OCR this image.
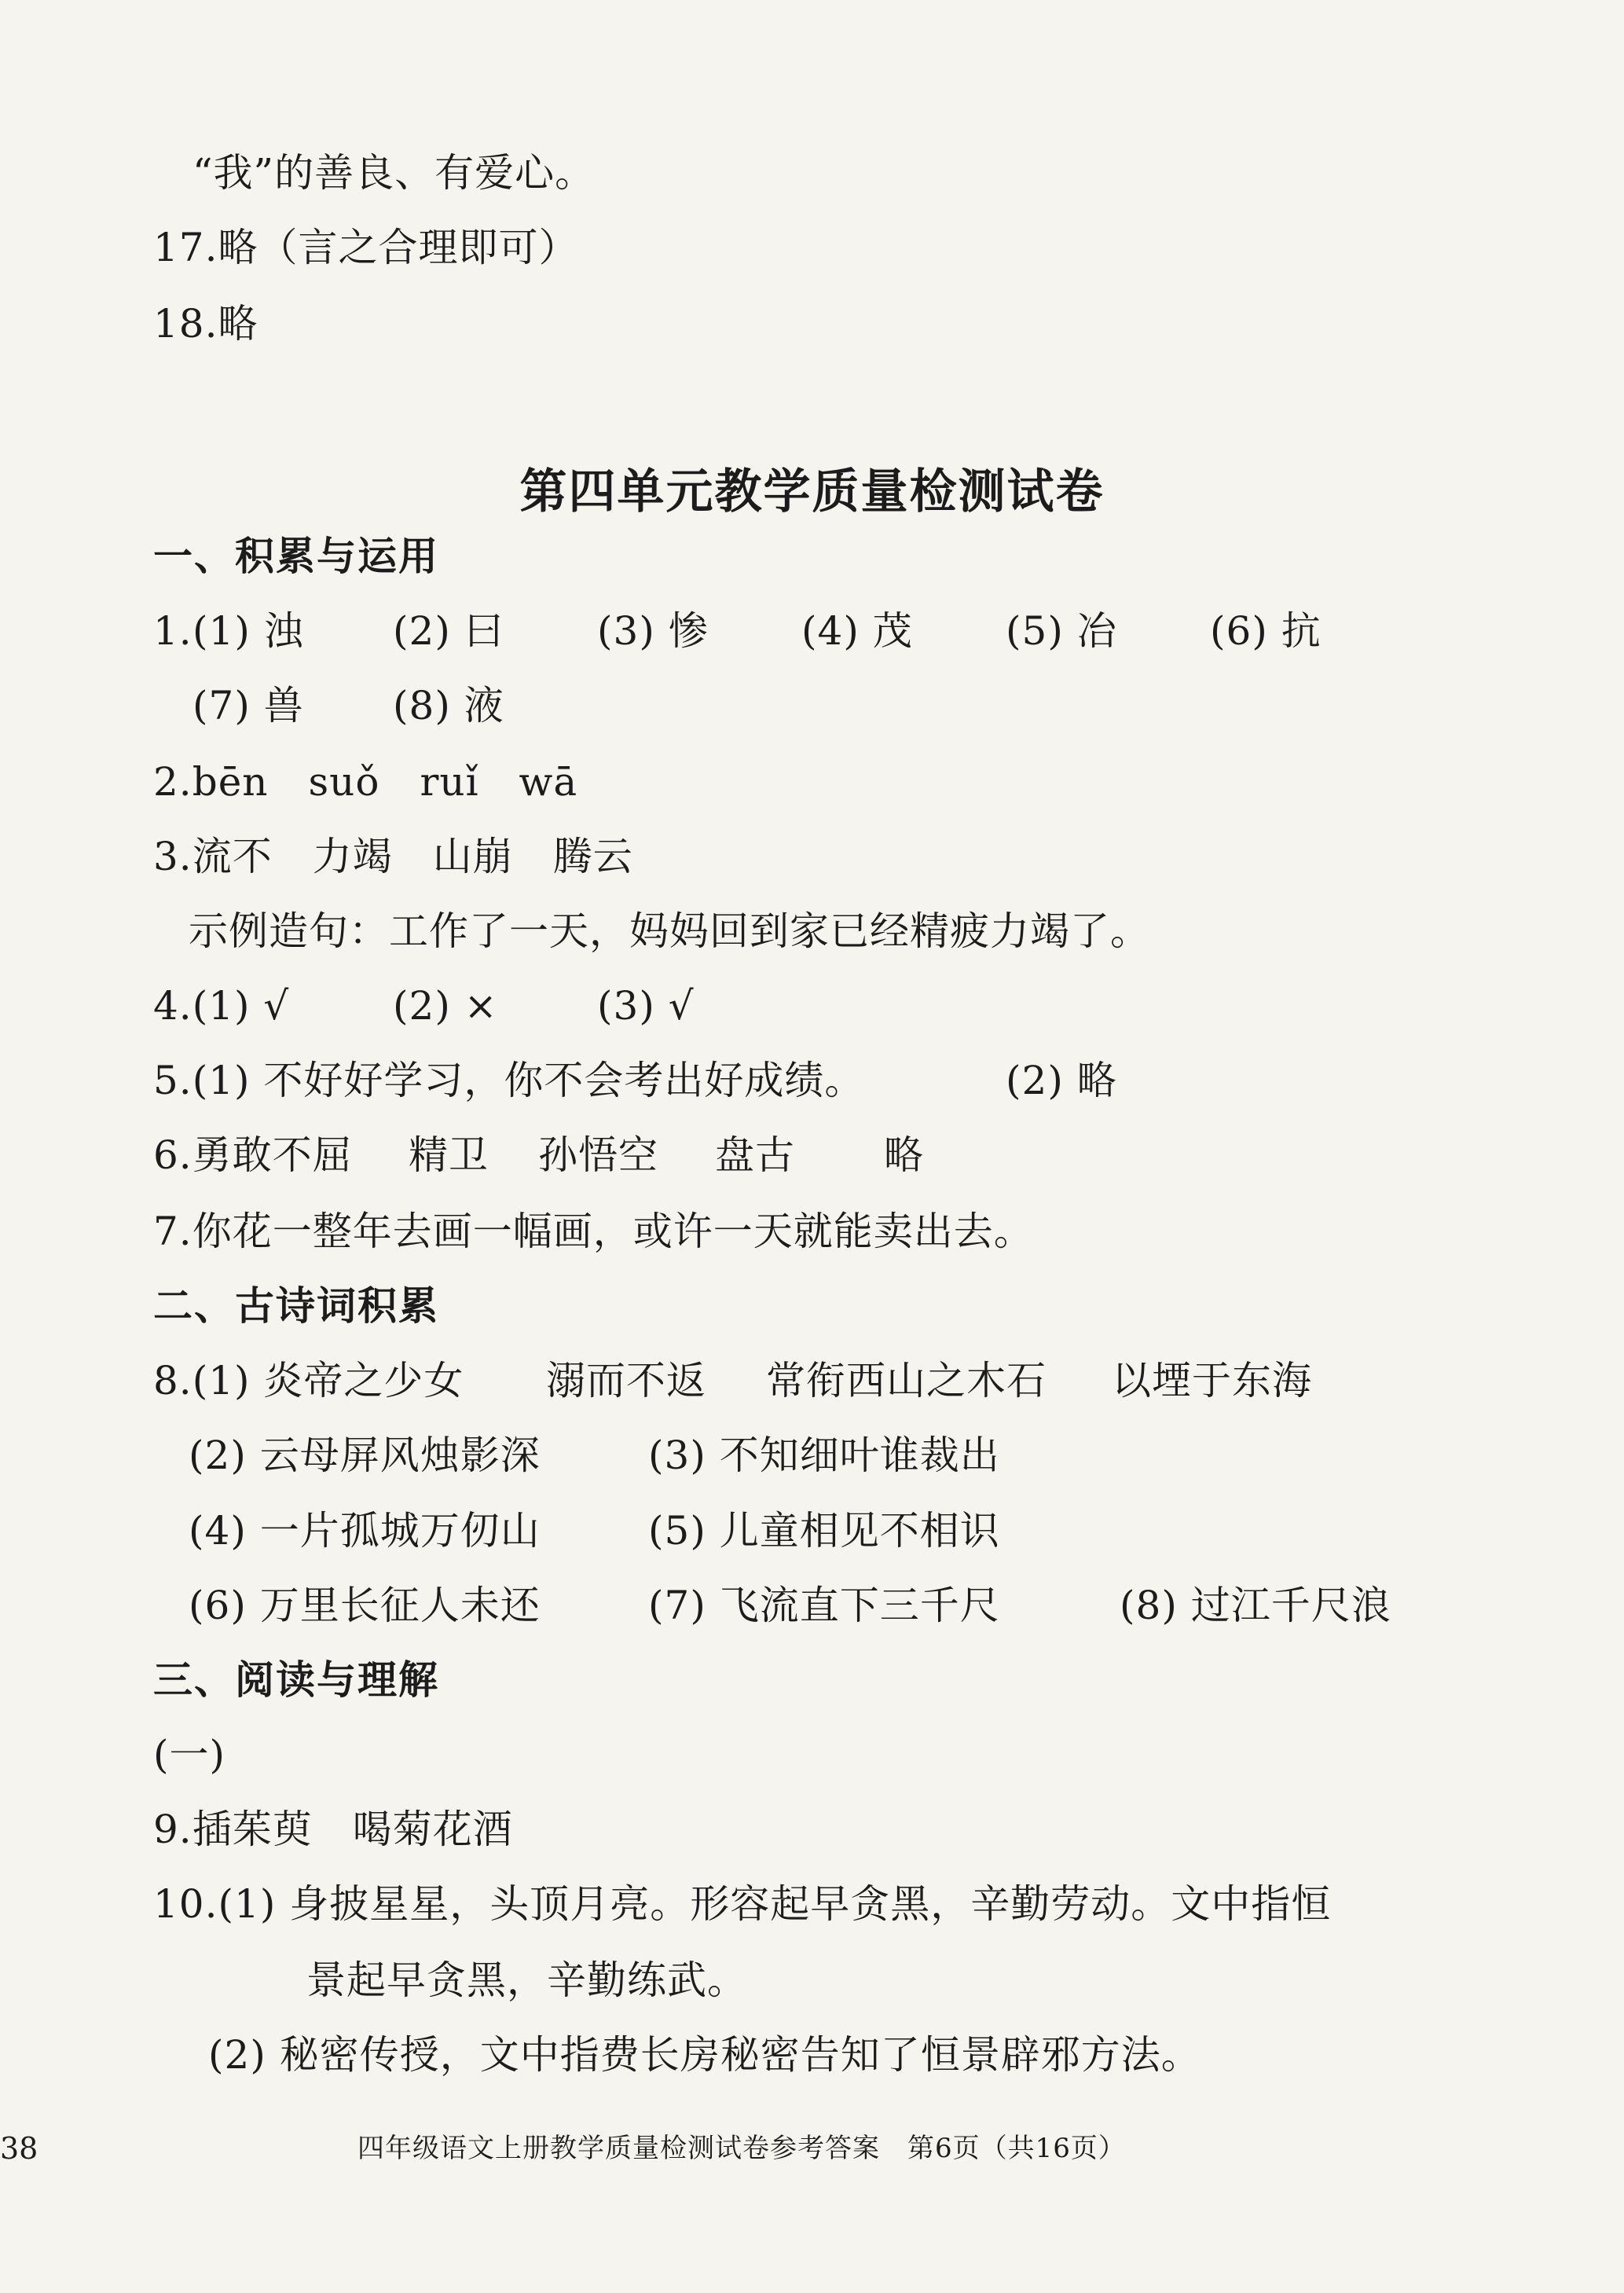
“我”的善良、有爱心。
17.略（言之合理即可）
18.略
第四单元教学质量检测试卷
一、积累与运用
1. (1) 浊 (2) 曰 (3) 惨 (4) 茂 (5) 冶 (6) 抗
(7) 兽 (8) 液
2.bēn　suǒ　ruǐ　wā
3.流不　力竭　山崩　腾云
示例造句：工作了一天，妈妈回到家已经精疲力竭了。
4.(1) √	(2) ×	(3) √
5.(1) 不好好学习，你不会考出好成绩。	(2) 略
6.勇敢不屈 精卫 孙悟空 盘古 略
7.你花一整年去画一幅画，或许一天就能卖出去。
二、古诗词积累
8.(1) 炎帝之少女 溺而不返 常衔西山之木石 以堙于东海
(2) 云母屏风烛影深	(3) 不知细叶谁裁出
(4) 一片孤城万仞山	(5) 儿童相见不相识
(6) 万里长征人未还	(7) 飞流直下三千尺	(8) 过江千尺浪
三、阅读与理解
(一)
9.插茱萸　喝菊花酒
10.(1) 身披星星，头顶月亮。形容起早贪黑，辛勤劳动。文中指恒
景起早贪黑，辛勤练武。
(2) 秘密传授，文中指费长房秘密告知了恒景辟邪方法。
38	四年级语文上册教学质量检测试卷参考答案　第6页（共16页）
